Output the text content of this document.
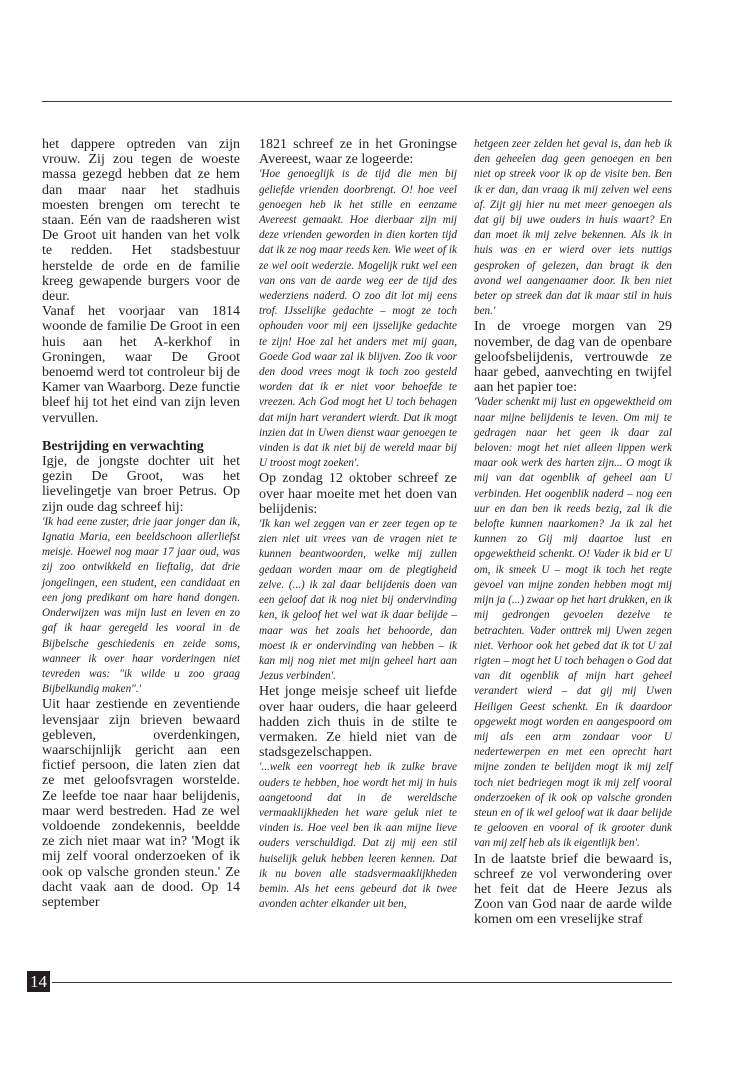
het dappere optreden van zijn vrouw. Zij zou tegen de woeste massa gezegd hebben dat ze hem dan maar naar het stadhuis moesten brengen om terecht te staan. Eén van de raadsheren wist De Groot uit handen van het volk te redden. Het stadsbestuur herstelde de orde en de familie kreeg gewapende burgers voor de deur.

Vanaf het voorjaar van 1814 woonde de familie De Groot in een huis aan het A-kerkhof in Groningen, waar De Groot benoemd werd tot controleur bij de Kamer van Waarborg. Deze functie bleef hij tot het eind van zijn leven vervullen.

Bestrijding en verwachting

Igje, de jongste dochter uit het gezin De Groot, was het lievelingetje van broer Petrus. Op zijn oude dag schreef hij:

'Ik had eene zuster, drie jaar jonger dan ik, Ignatia Maria, een beeldschoon allerliefst meisje. Hoewel nog maar 17 jaar oud, was zij zoo ontwikkeld en lieftalig, dat drie jongelingen, een student, een candidaat en een jong predikant om hare hand dongen. Onderwijzen was mijn lust en leven en zo gaf ik haar geregeld les vooral in de Bijbelsche geschiedenis en zeide soms, wanneer ik over haar vorderingen niet tevreden was: "ik wilde u zoo graag Bijbelkundig maken".'

Uit haar zestiende en zeventiende levensjaar zijn brieven bewaard gebleven, overdenkingen, waarschijnlijk gericht aan een fictief persoon, die laten zien dat ze met geloofsvragen worstelde. Ze leefde toe naar haar belijdenis, maar werd bestreden. Had ze wel voldoende zondekennis, beeldde ze zich niet maar wat in? 'Mogt ik mij zelf vooral onderzoeken of ik ook op valsche gronden steun.' Ze dacht vaak aan de dood. Op 14 september

1821 schreef ze in het Groningse Avereest, waar ze logeerde:

'Hoe genoeglijk is de tijd die men bij geliefde vrienden doorbrengt. O! hoe veel genoegen heb ik het stille en eenzame Avereest gemaakt. Hoe dierbaar zijn mij deze vrienden geworden in dien korten tijd dat ik ze nog maar reeds ken. Wie weet of ik ze wel ooit wederzie. Mogelijk rukt wel een van ons van de aarde weg eer de tijd des wederziens naderd. O zoo dit lot mij eens trof. IJsselijke gedachte – mogt ze toch ophouden voor mij een ijsselijke gedachte te zijn! Hoe zal het anders met mij gaan, Goede God waar zal ik blijven. Zoo ik voor den dood vrees mogt ik toch zoo gesteld worden dat ik er niet voor behoefde te vreezen. Ach God mogt het U toch behagen dat mijn hart verandert wierdt. Dat ik mogt inzien dat in Uwen dienst waar genoegen te vinden is dat ik niet bij de wereld maar bij U troost mogt zoeken'.

Op zondag 12 oktober schreef ze over haar moeite met het doen van belijdenis:

'Ik kan wel zeggen van er zeer tegen op te zien niet uit vrees van de vragen niet te kunnen beantwoorden, welke mij zullen gedaan worden maar om de plegtigheid zelve. (...) ik zal daar belijdenis doen van een geloof dat ik nog niet bij ondervinding ken, ik geloof het wel wat ik daar belijde – maar was het zoals het behoorde, dan moest ik er ondervinding van hebben – ik kan mij nog niet met mijn geheel hart aan Jezus verbinden'.

Het jonge meisje scheef uit liefde over haar ouders, die haar geleerd hadden zich thuis in de stilte te vermaken. Ze hield niet van de stadsgezelschappen.

'...welk een voorregt heb ik zulke brave ouders te hebben, hoe wordt het mij in huis aangetoond dat in de wereldsche vermaaklijkheden het ware geluk niet te vinden is. Hoe veel ben ik aan mijne lieve ouders verschuldigd. Dat zij mij een stil huiselijk geluk hebben leeren kennen. Dat ik nu boven alle stadsvermaaklijkheden bemin. Als het eens gebeurd dat ik twee avonden achter elkander uit ben,

hetgeen zeer zelden het geval is, dan heb ik den geheelen dag geen genoegen en ben niet op streek voor ik op de visite ben. Ben ik er dan, dan vraag ik mij zelven wel eens af. Zijt gij hier nu met meer genoegen als dat gij bij uwe ouders in huis waart? En dan moet ik mij zelve bekennen. Als ik in huis was en er wierd over iets nuttigs gesproken of gelezen, dan bragt ik den avond wel aangenaamer door. Ik ben niet beter op streek dan dat ik maar stil in huis ben.'

In de vroege morgen van 29 november, de dag van de openbare geloofsbelijdenis, vertrouwde ze haar gebed, aanvechting en twijfel aan het papier toe:

'Vader schenkt mij lust en opgewektheid om naar mijne belijdenis te leven. Om mij te gedragen naar het geen ik daar zal beloven: mogt het niet alleen lippen werk maar ook werk des harten zijn... O mogt ik mij van dat ogenblik af geheel aan U verbinden. Het oogenblik naderd – nog een uur en dan ben ik reeds bezig, zal ik die belofte kunnen naarkomen? Ja ik zal het kunnen zo Gij mij daartoe lust en opgewektheid schenkt. O! Vader ik bid er U om, ik smeek U – mogt ik toch het regte gevoel van mijne zonden hebben mogt mij mijn ja (...) zwaar op het hart drukken, en ik mij gedrongen gevoelen dezelve te betrachten. Vader onttrek mij Uwen zegen niet. Verhoor ook het gebed dat ik tot U zal rigten – mogt het U toch behagen o God dat van dit ogenblik af mijn hart geheel verandert wierd – dat gij mij Uwen Heiligen Geest schenkt. En ik daardoor opgewekt mogt worden en aangespoord om mij als een arm zondaar voor U nedertewerpen en met een oprecht hart mijne zonden te belijden mogt ik mij zelf toch niet bedriegen mogt ik mij zelf vooral onderzoeken of ik ook op valsche gronden steun en of ik wel geloof wat ik daar belijde te gelooven en vooral of ik grooter dunk van mij zelf heb als ik eigentlijk ben'.

In de laatste brief die bewaard is, schreef ze vol verwondering over het feit dat de Heere Jezus als Zoon van God naar de aarde wilde komen om een vreselijke straf

14
